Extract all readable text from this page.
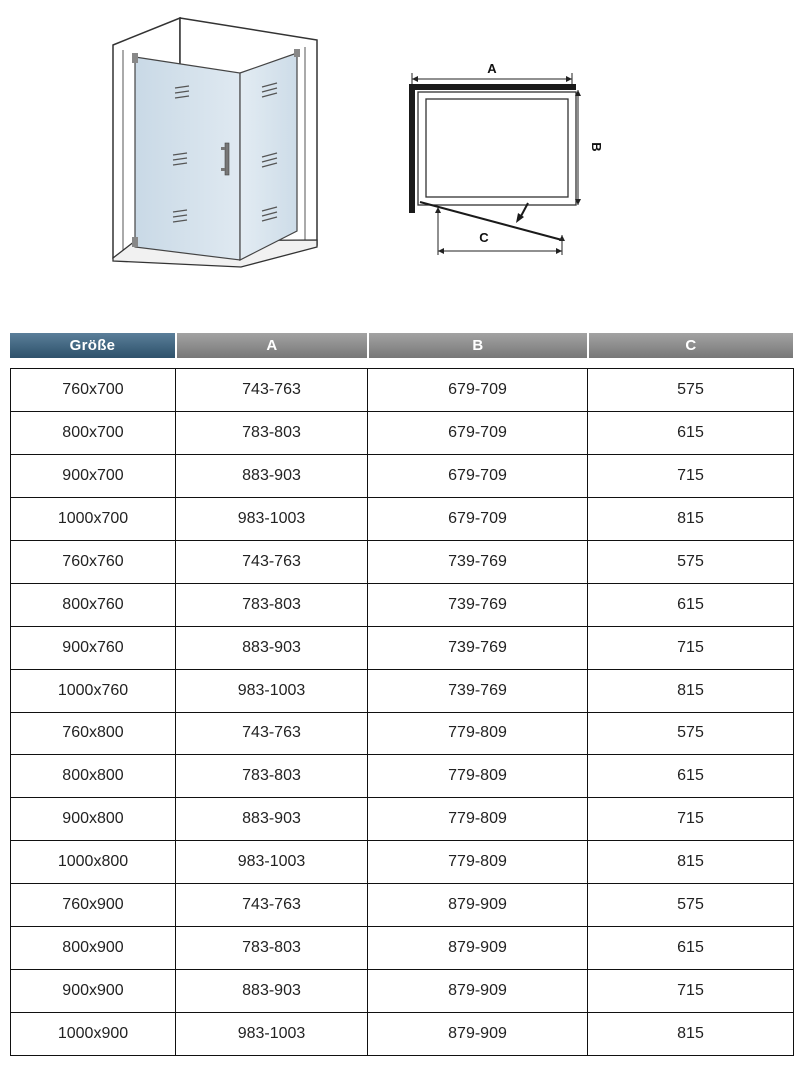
A
B
C
Größe	A	B	C
760x700	743-763	679-709	575
800x700	783-803	679-709	615
900x700	883-903	679-709	715
1000x700	983-1003	679-709	815
760x760	743-763	739-769	575
800x760	783-803	739-769	615
900x760	883-903	739-769	715
1000x760	983-1003	739-769	815
760x800	743-763	779-809	575
800x800	783-803	779-809	615
900x800	883-903	779-809	715
1000x800	983-1003	779-809	815
760x900	743-763	879-909	575
800x900	783-803	879-909	615
900x900	883-903	879-909	715
1000x900	983-1003	879-909	815
